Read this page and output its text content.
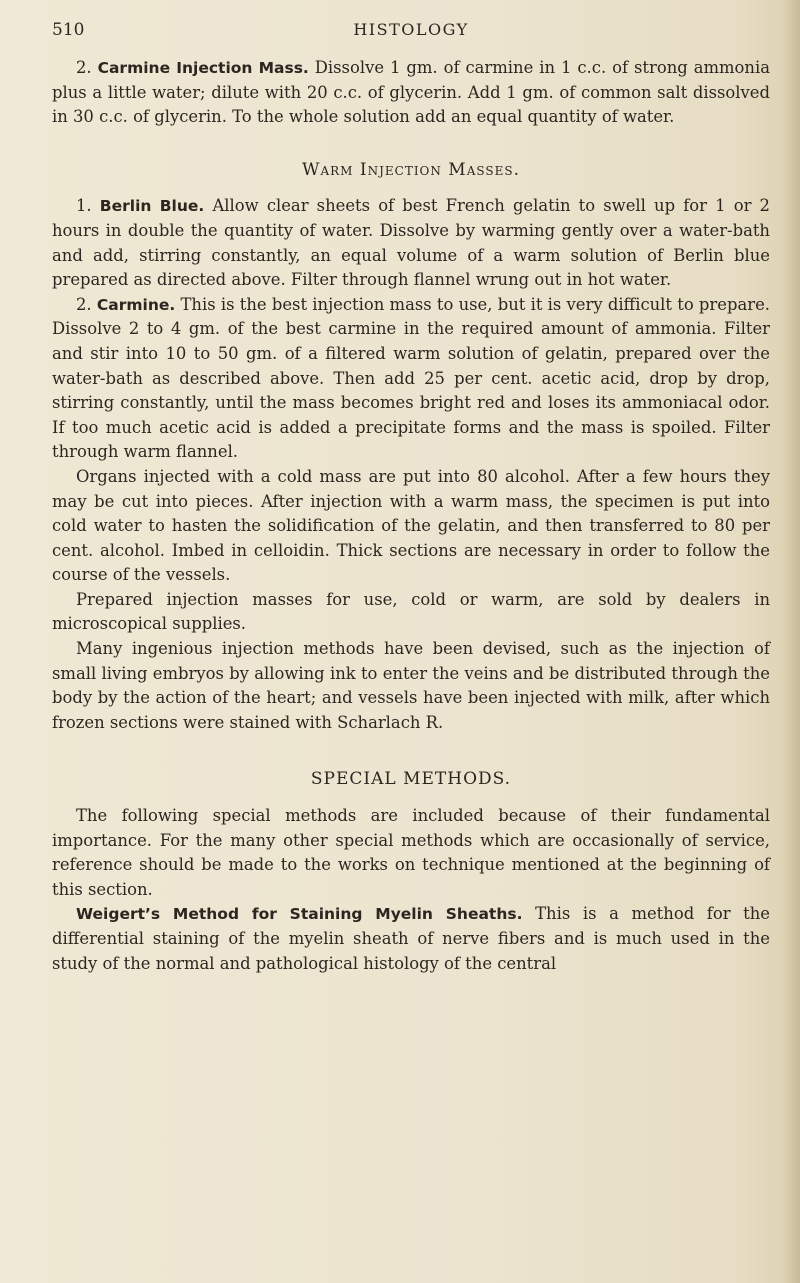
510	HISTOLOGY

2. Carmine Injection Mass. Dissolve 1 gm. of carmine in 1 c.c. of strong ammonia plus a little water; dilute with 20 c.c. of glycerin. Add 1 gm. of common salt dissolved in 30 c.c. of glycerin. To the whole solution add an equal quantity of water.

Warm Injection Masses.

1. Berlin Blue. Allow clear sheets of best French gelatin to swell up for 1 or 2 hours in double the quantity of water. Dissolve by warming gently over a water-bath and add, stirring constantly, an equal volume of a warm solution of Berlin blue prepared as directed above. Filter through flannel wrung out in hot water.

2. Carmine. This is the best injection mass to use, but it is very difficult to prepare. Dissolve 2 to 4 gm. of the best carmine in the required amount of ammonia. Filter and stir into 10 to 50 gm. of a filtered warm solution of gelatin, prepared over the water-bath as described above. Then add 25 per cent. acetic acid, drop by drop, stirring constantly, until the mass becomes bright red and loses its ammoniacal odor. If too much acetic acid is added a precipitate forms and the mass is spoiled. Filter through warm flannel.

Organs injected with a cold mass are put into 80 alcohol. After a few hours they may be cut into pieces. After injection with a warm mass, the specimen is put into cold water to hasten the solidification of the gelatin, and then transferred to 80 per cent. alcohol. Imbed in celloidin. Thick sections are necessary in order to follow the course of the vessels.

Prepared injection masses for use, cold or warm, are sold by dealers in microscopical supplies.

Many ingenious injection methods have been devised, such as the injection of small living embryos by allowing ink to enter the veins and be distributed through the body by the action of the heart; and vessels have been injected with milk, after which frozen sections were stained with Scharlach R.

SPECIAL METHODS.

The following special methods are included because of their fundamental importance. For the many other special methods which are occasionally of service, reference should be made to the works on technique mentioned at the beginning of this section.

Weigert’s Method for Staining Myelin Sheaths. This is a method for the differential staining of the myelin sheath of nerve fibers and is much used in the study of the normal and pathological histology of the central
